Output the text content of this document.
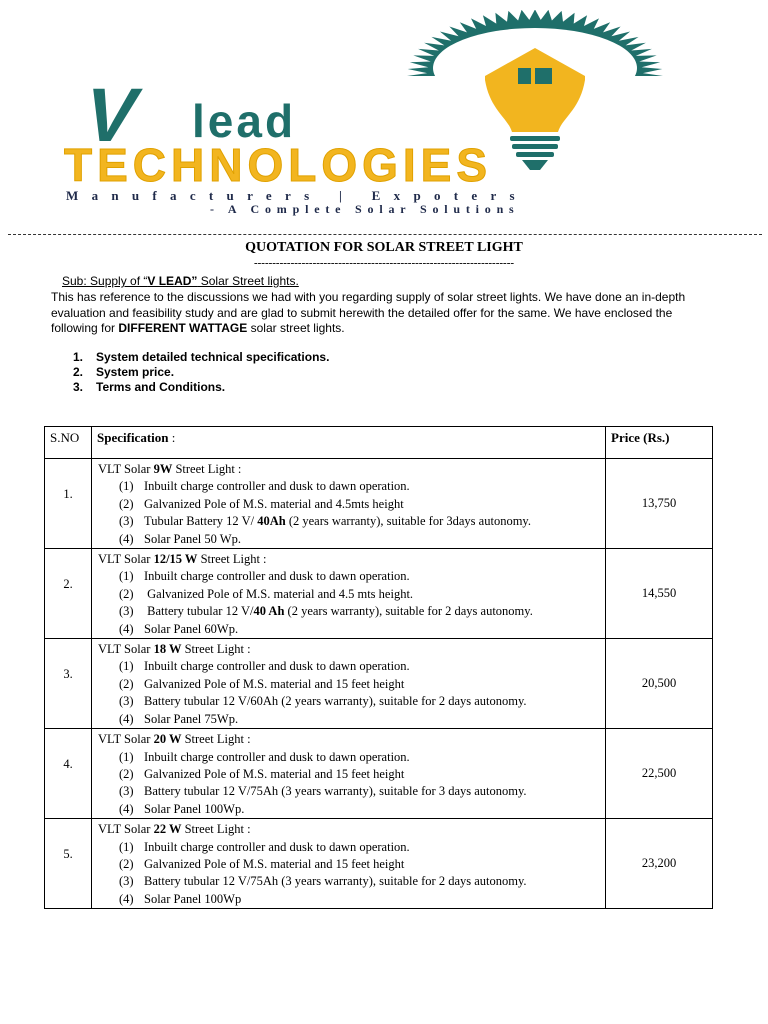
V lead
TECHNOLOGIES
Manufacturers | Expoters
- A Complete Solar Solutions
QUOTATION FOR SOLAR STREET LIGHT
-----------------------------------------------------------------------
Sub: Supply of “V LEAD” Solar Street lights.
This has reference to the discussions we had with you regarding supply of solar street lights. We have done an in-depth evaluation and feasibility study and are glad to submit herewith the detailed offer for the same. We have enclosed the following for DIFFERENT WATTAGE solar street lights.
1. System detailed technical specifications.
2. System price.
3. Terms and Conditions.
S.NO	Specification :	Price (Rs.)
1.	VLT Solar 9W Street Light :
(1) Inbuilt charge controller and dusk to dawn operation.
(2) Galvanized Pole of M.S. material and 4.5mts height
(3) Tubular Battery 12 V/ 40Ah (2 years warranty), suitable for 3days autonomy.
(4) Solar Panel 50 Wp.	13,750
2.	VLT Solar 12/15 W Street Light :
(1) Inbuilt charge controller and dusk to dawn operation.
(2) Galvanized Pole of M.S. material and 4.5 mts height.
(3) Battery tubular 12 V/40 Ah (2 years warranty), suitable for 2 days autonomy.
(4) Solar Panel 60Wp.	14,550
3.	VLT Solar 18 W Street Light :
(1) Inbuilt charge controller and dusk to dawn operation.
(2) Galvanized Pole of M.S. material and 15 feet height
(3) Battery tubular 12 V/60Ah (2 years warranty), suitable for 2 days autonomy.
(4) Solar Panel 75Wp.	20,500
4.	VLT Solar 20 W Street Light :
(1) Inbuilt charge controller and dusk to dawn operation.
(2) Galvanized Pole of M.S. material and 15 feet height
(3) Battery tubular 12 V/75Ah (3 years warranty), suitable for 3 days autonomy.
(4) Solar Panel 100Wp.	22,500
5.	VLT Solar 22 W Street Light :
(1) Inbuilt charge controller and dusk to dawn operation.
(2) Galvanized Pole of M.S. material and 15 feet height
(3) Battery tubular 12 V/75Ah (3 years warranty), suitable for 2 days autonomy.
(4) Solar Panel 100Wp	23,200
